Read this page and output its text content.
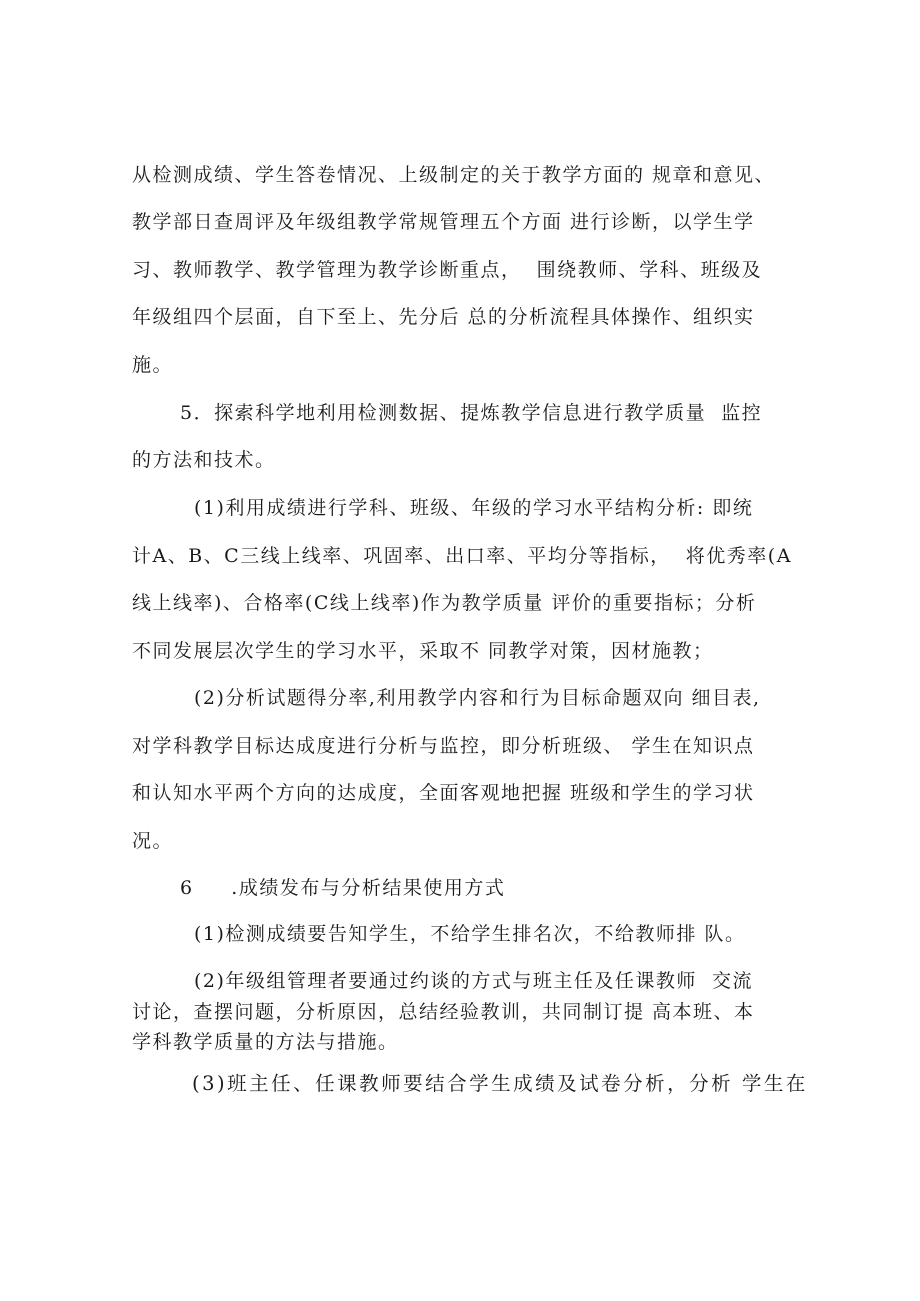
从检测成绩、学生答卷情况、上级制定的关于教学方面的 规章和意见、
教学部日查周评及年级组教学常规管理五个方面 进行诊断，以学生学
习、教师教学、教学管理为教学诊断重点，  围绕教师、学科、班级及
年级组四个层面，自下至上、先分后 总的分析流程具体操作、组织实
施。
5．探索科学地利用检测数据、提炼教学信息进行教学质量  监控
的方法和技术。
(1)利用成绩进行学科、班级、年级的学习水平结构分析: 即统
计A、B、C三线上线率、巩固率、出口率、平均分等指标，  将优秀率(A
线上线率)、合格率(C线上线率)作为教学质量 评价的重要指标；分析
不同发展层次学生的学习水平，采取不 同教学对策，因材施教；
(2)分析试题得分率,利用教学内容和行为目标命题双向 细目表,
对学科教学目标达成度进行分析与监控，即分析班级、 学生在知识点
和认知水平两个方向的达成度，全面客观地把握 班级和学生的学习状
况。
6     .成绩发布与分析结果使用方式
(1)检测成绩要告知学生，不给学生排名次，不给教师排 队。
(2)年级组管理者要通过约谈的方式与班主任及任课教师  交流
讨论，查摆问题，分析原因，总结经验教训，共同制订提 高本班、本
学科教学质量的方法与措施。
(3)班主任、任课教师要结合学生成绩及试卷分析，分析 学生在
